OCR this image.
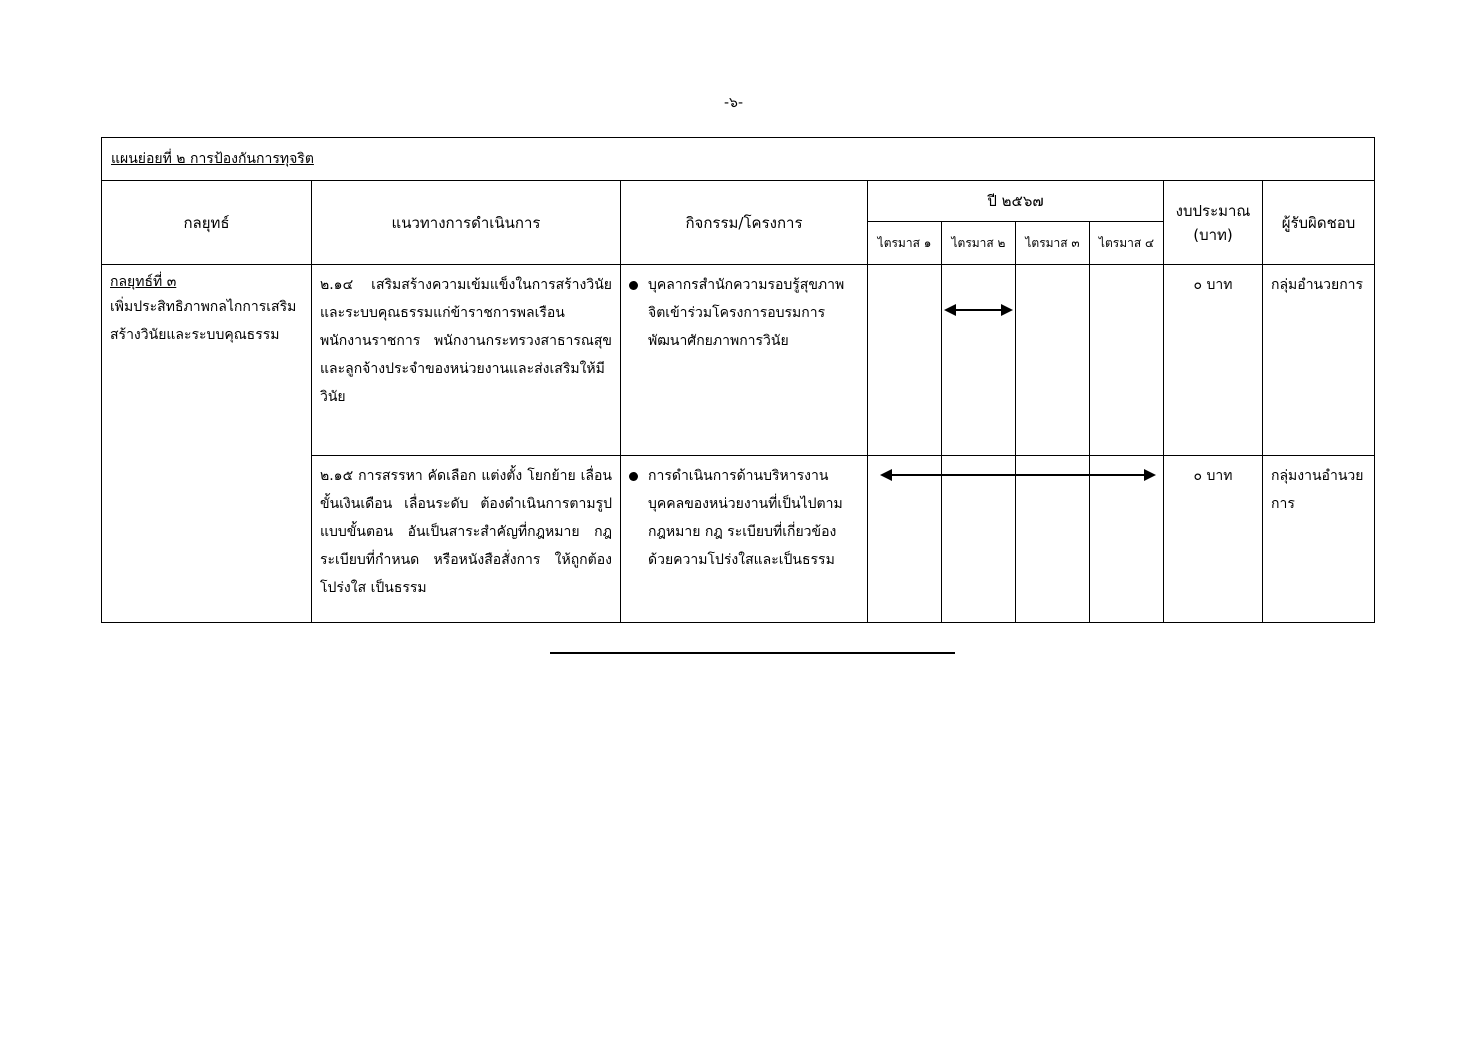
-๖-
แผนย่อยที่ ๒ การป้องกันการทุจริต								
กลยุทธ์	แนวทางการดำเนินการ	กิจกรรม/โครงการ	ปี ๒๕๖๗				งบประมาณ (บาท)	ผู้รับผิดชอบ
			ไตรมาส ๑	ไตรมาส ๒	ไตรมาส ๓	ไตรมาส ๔		

กลยุทธ์ที่ ๓
เพิ่มประสิทธิภาพกลไกการเสริมสร้างวินัยและระบบคุณธรรม	๒.๑๔ เสริมสร้างความเข้มแข็งในการสร้างวินัยและระบบคุณธรรมแก่ข้าราชการพลเรือน พนักงานราชการ พนักงานกระทรวงสาธารณสุขและลูกจ้างประจำของหน่วยงานและส่งเสริมให้มีวินัย	บุคลากรสำนักความรอบรู้สุขภาพจิตเข้าร่วมโครงการอบรมการพัฒนาศักยภาพการวินัย					๐ บาท	กลุ่มอำนวยการ
	๒.๑๕ การสรรหา คัดเลือก แต่งตั้ง โยกย้าย เลื่อนขั้นเงินเดือน เลื่อนระดับ ต้องดำเนินการตามรูปแบบขั้นตอน อันเป็นสาระสำคัญที่กฎหมาย กฎ ระเบียบที่กำหนด หรือหนังสือสั่งการ ให้ถูกต้อง โปร่งใส เป็นธรรม	การดำเนินการด้านบริหารงานบุคคลของหน่วยงานที่เป็นไปตามกฎหมาย กฎ ระเบียบที่เกี่ยวข้องด้วยความโปร่งใสและเป็นธรรม					๐ บาท	กลุ่มงานอำนวยการ
